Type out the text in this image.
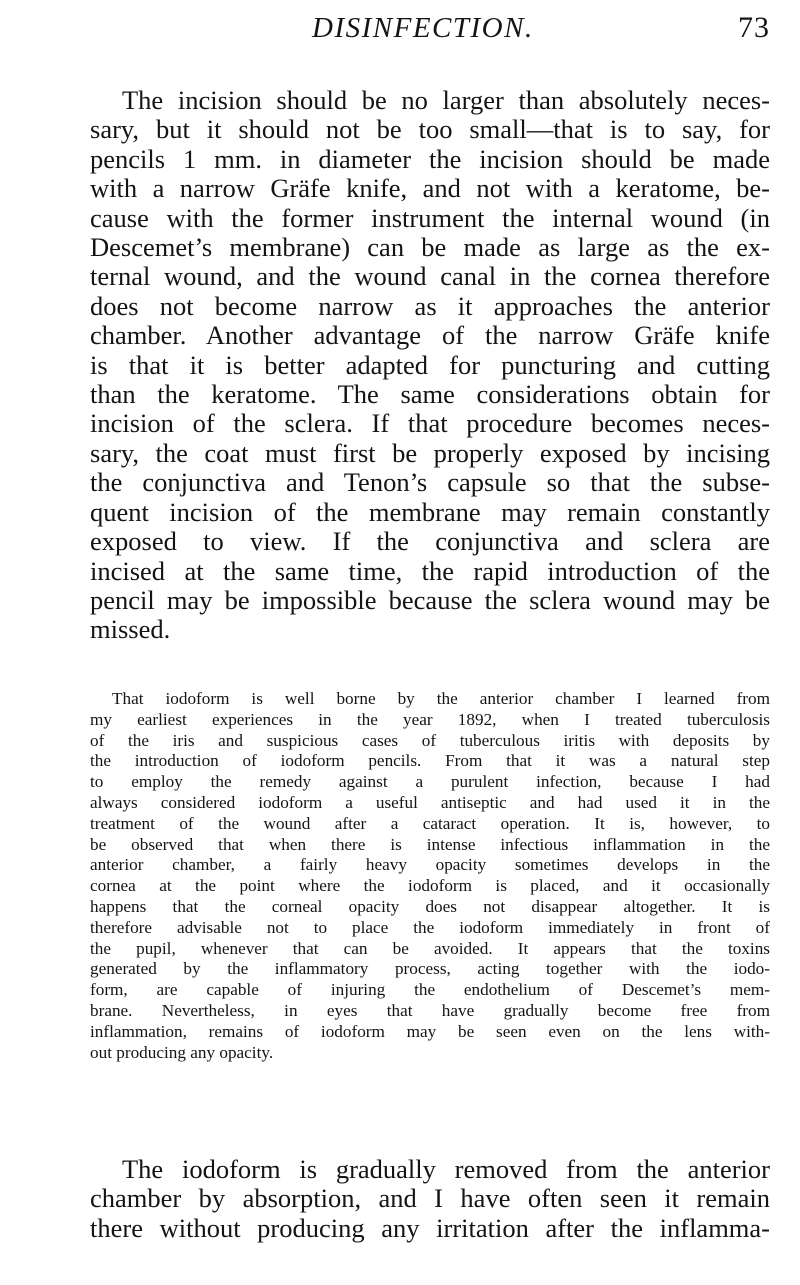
DISINFECTION.	73
The incision should be no larger than absolutely neces-
sary, but it should not be too small—that is to say, for
pencils 1 mm. in diameter the incision should be made
with a narrow Gräfe knife, and not with a keratome, be-
cause with the former instrument the internal wound (in
Descemet’s membrane) can be made as large as the ex-
ternal wound, and the wound canal in the cornea therefore
does not become narrow as it approaches the anterior
chamber. Another advantage of the narrow Gräfe knife
is that it is better adapted for puncturing and cutting
than the keratome. The same considerations obtain for
incision of the sclera. If that procedure becomes neces-
sary, the coat must first be properly exposed by incising
the conjunctiva and Tenon’s capsule so that the subse-
quent incision of the membrane may remain constantly
exposed to view. If the conjunctiva and sclera are
incised at the same time, the rapid introduction of the
pencil may be impossible because the sclera wound may be
missed.
That iodoform is well borne by the anterior chamber I learned from
my earliest experiences in the year 1892, when I treated tuberculosis
of the iris and suspicious cases of tuberculous iritis with deposits by
the introduction of iodoform pencils. From that it was a natural step
to employ the remedy against a purulent infection, because I had
always considered iodoform a useful antiseptic and had used it in the
treatment of the wound after a cataract operation. It is, however, to
be observed that when there is intense infectious inflammation in the
anterior chamber, a fairly heavy opacity sometimes develops in the
cornea at the point where the iodoform is placed, and it occasionally
happens that the corneal opacity does not disappear altogether. It is
therefore advisable not to place the iodoform immediately in front of
the pupil, whenever that can be avoided. It appears that the toxins
generated by the inflammatory process, acting together with the iodo-
form, are capable of injuring the endothelium of Descemet’s mem-
brane. Nevertheless, in eyes that have gradually become free from
inflammation, remains of iodoform may be seen even on the lens with-
out producing any opacity.
The iodoform is gradually removed from the anterior
chamber by absorption, and I have often seen it remain
there without producing any irritation after the inflamma-
